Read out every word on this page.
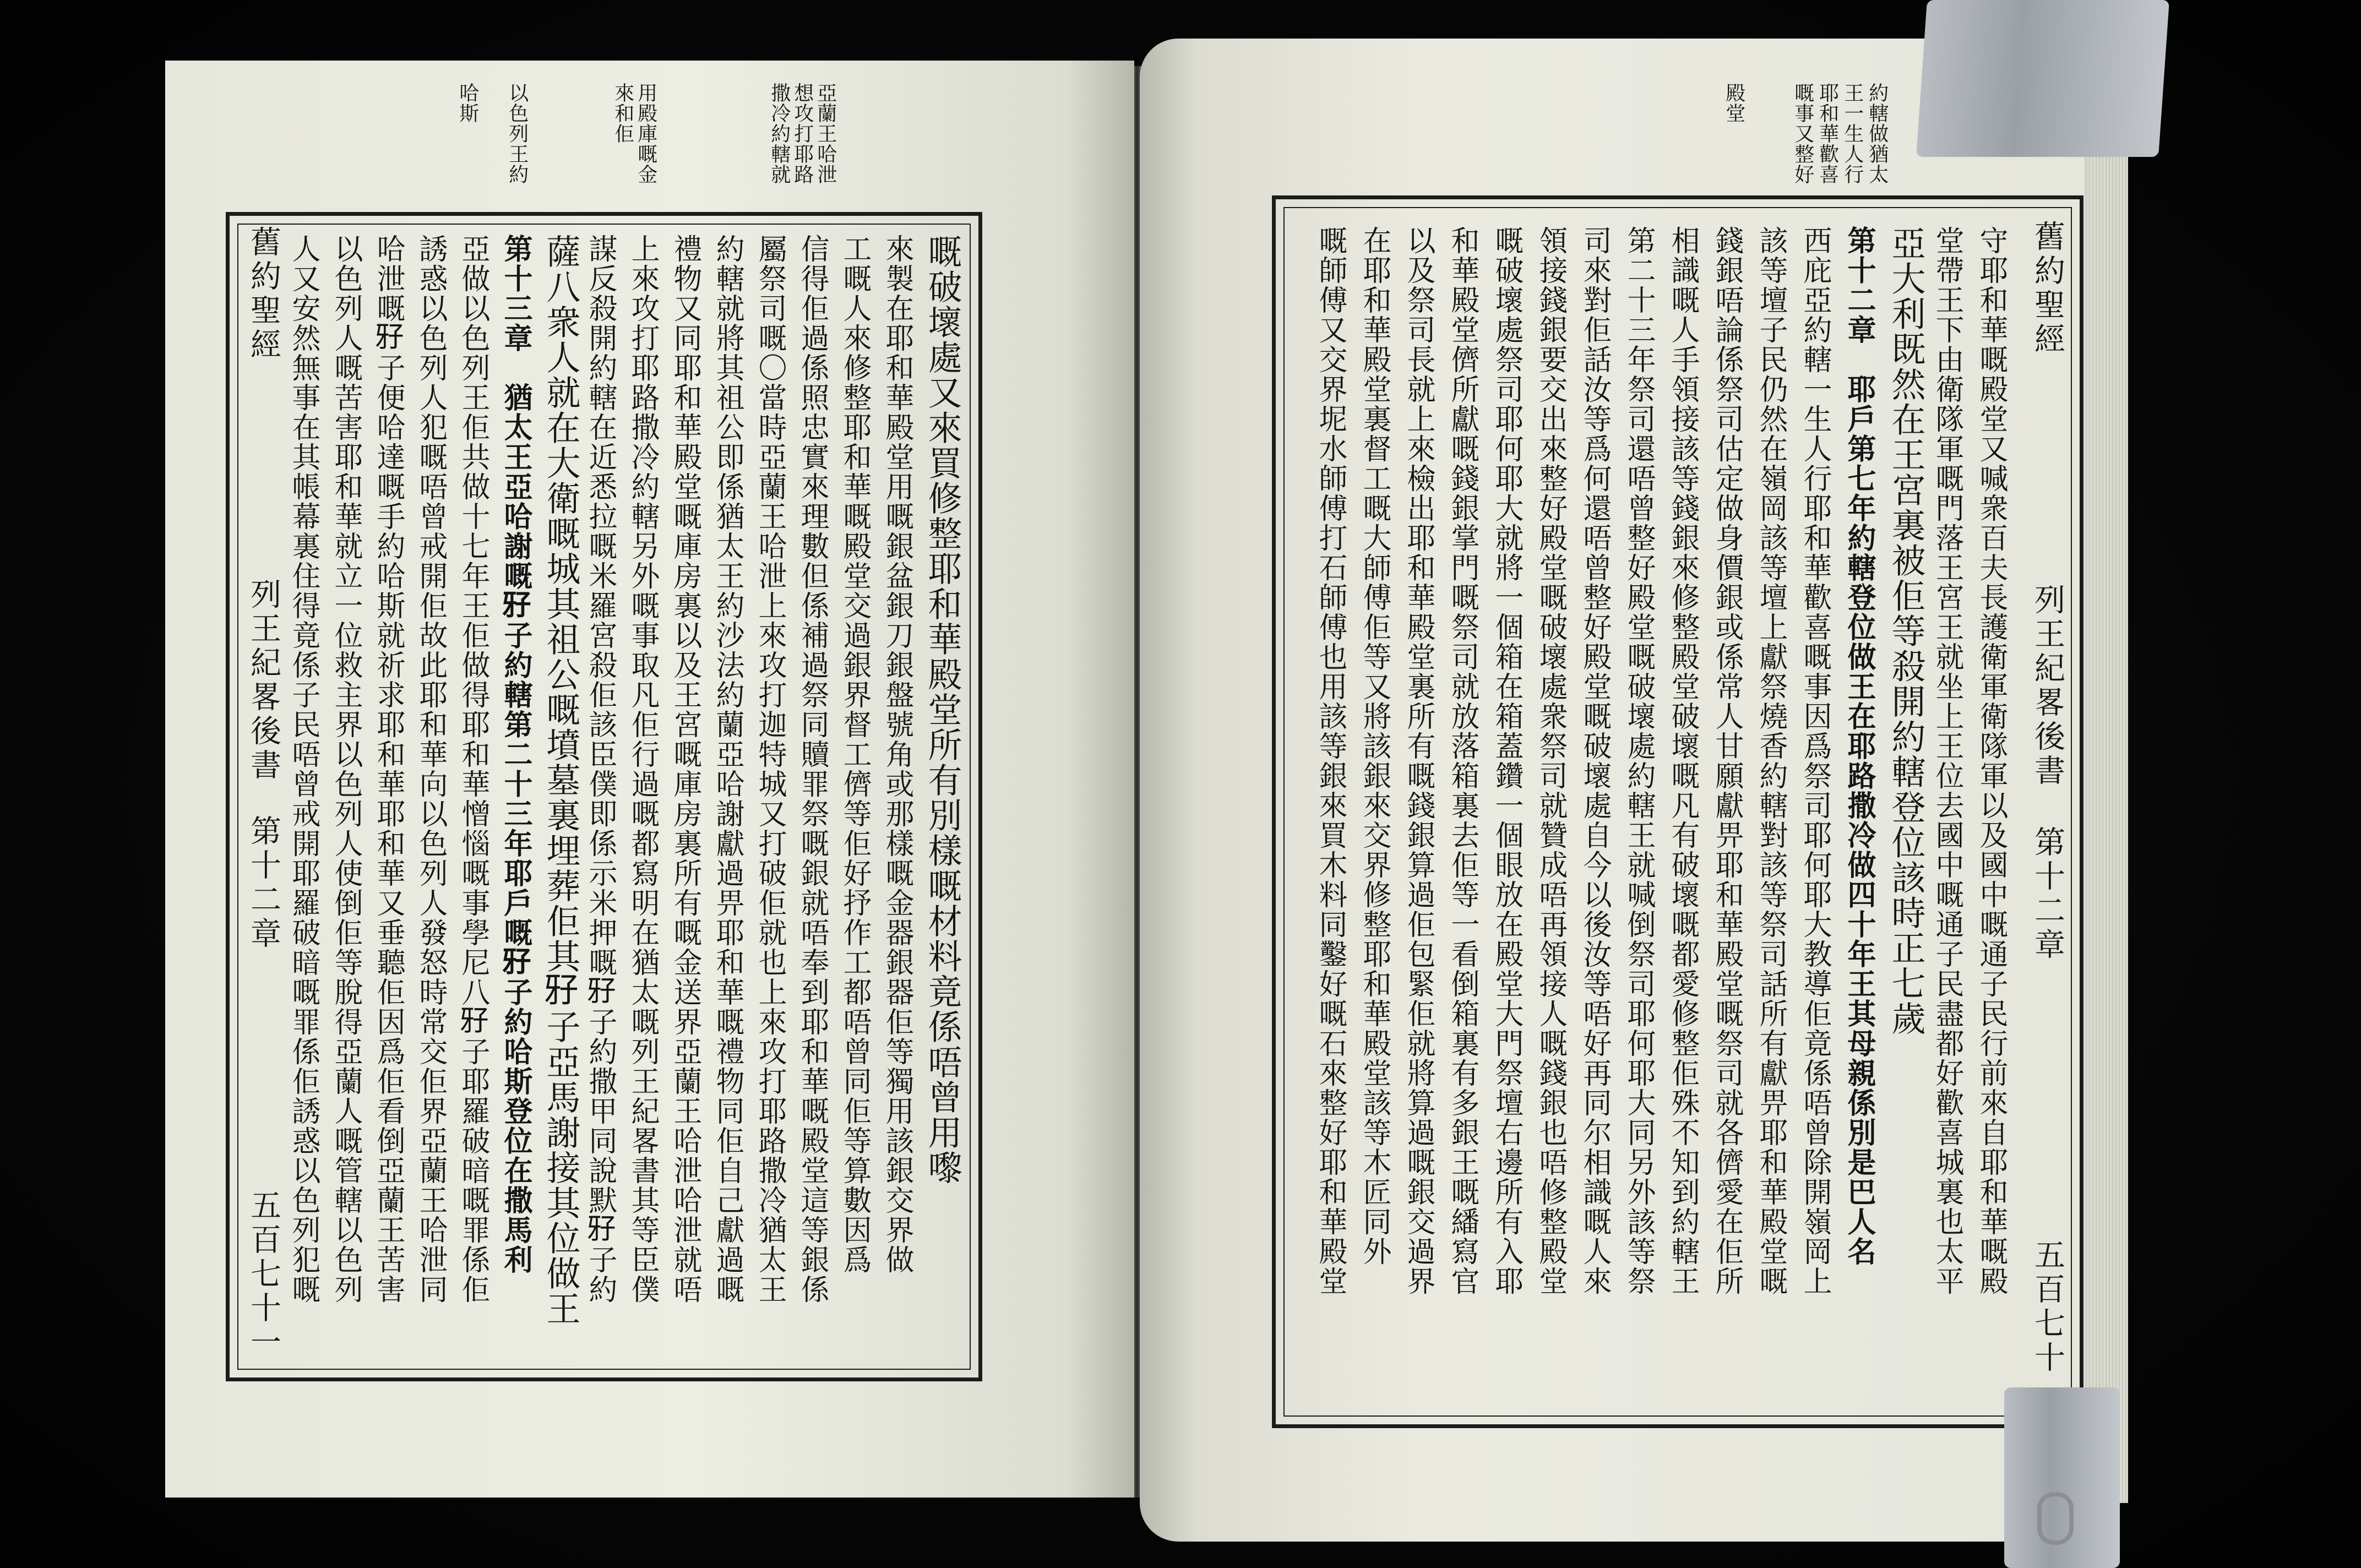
亞蘭王哈泄
想攻打耶路
撒冷約轄就
用殿庫嘅金
來和佢
以色列王約
哈斯
舊約聖經
列王紀畧後書
第十二章
五百七十一
嘅破壞處又來買修整耶和華殿堂所有別樣嘅材料竟係唔曾用嚟
來製在耶和華殿堂用嘅銀盆銀刀銀盤號角或那樣嘅金器銀器佢等獨用該銀交界做
工嘅人來修整耶和華嘅殿堂交過銀界督工儕等佢好抒作工都唔曾同佢等算數因爲
信得佢過係照忠實來理數但係補過祭同贖罪祭嘅銀就唔奉到耶和華嘅殿堂這等銀係
屬祭司嘅〇當時亞蘭王哈泄上來攻打迦特城又打破佢就也上來攻打耶路撒冷猶太王
約轄就將其祖公即係猶太王約沙法約蘭亞哈謝獻過畀耶和華嘅禮物同佢自己獻過嘅
禮物又同耶和華殿堂嘅庫房裏以及王宮嘅庫房裏所有嘅金送界亞蘭王哈泄哈泄就唔
上來攻打耶路撒冷約轄另外嘅事取凡佢行過嘅都寫明在猶太嘅列王紀畧書其等臣僕
謀反殺開約轄在近悉拉嘅米羅宮殺佢該臣僕即係示米押嘅𤘅子約撒甲同說默𤘅子約
薩八衆人就在大衛嘅城其祖公嘅墳墓裏埋葬佢其𤘅子亞馬謝接其位做王
第十三章　猶太王亞哈謝嘅𤘅子約轄第二十三年耶戶嘅𤘅子約哈斯登位在撒馬利
亞做以色列王佢共做十七年王佢做得耶和華憎惱嘅事學尼八𤘅子耶羅破暗嘅罪係佢
誘惑以色列人犯嘅唔曾戒開佢故此耶和華向以色列人發怒時常交佢界亞蘭王哈泄同
哈泄嘅𤘅子便哈達嘅手約哈斯就祈求耶和華耶和華又垂聽佢因爲佢看倒亞蘭王苦害
以色列人嘅苦害耶和華就立一位救主界以色列人使倒佢等脫得亞蘭人嘅管轄以色列
人又安然無事在其帳幕裏住得竟係子民唔曾戒開耶羅破暗嘅罪係佢誘惑以色列犯嘅
約轄做猶太
王一生人行
耶和華歡喜
嘅事又整好
殿堂
舊約聖經
列王紀畧後書
第十二章
五百七十
守耶和華嘅殿堂又喊衆百夫長護衛軍衛隊軍以及國中嘅通子民行前來自耶和華嘅殿
堂帶王下由衛隊軍嘅門落王宮王就坐上王位去國中嘅通子民盡都好歡喜城裏也太平
亞大利既然在王宮裏被佢等殺開約轄登位該時正七歲
第十二章　耶戶第七年約轄登位做王在耶路撒冷做四十年王其母親係別是巴人名
西庇亞約轄一生人行耶和華歡喜嘅事因爲祭司耶何耶大教導佢竟係唔曾除開嶺岡上
該等壇子民仍然在嶺岡該等壇上獻祭燒香約轄對該等祭司話所有獻畀耶和華殿堂嘅
錢銀唔論係祭司估定做身價銀或係常人甘願獻畀耶和華殿堂嘅祭司就各儕愛在佢所
相識嘅人手領接該等錢銀來修整殿堂破壞嘅凡有破壞嘅都愛修整佢殊不知到約轄王
第二十三年祭司還唔曾整好殿堂嘅破壞處約轄王就喊倒祭司耶何耶大同另外該等祭
司來對佢話汝等爲何還唔曾整好殿堂嘅破壞處自今以後汝等唔好再同尔相識嘅人來
領接錢銀要交出來整好殿堂嘅破壞處衆祭司就贊成唔再領接人嘅錢銀也唔修整殿堂
嘅破壞處祭司耶何耶大就將一個箱在箱蓋鑽一個眼放在殿堂大門祭壇右邊所有入耶
和華殿堂儕所獻嘅錢銀掌門嘅祭司就放落箱裏去佢等一看倒箱裏有多銀王嘅繙寫官
以及祭司長就上來檢出耶和華殿堂裏所有嘅錢銀算過佢包緊佢就將算過嘅銀交過界
在耶和華殿堂裏督工嘅大師傅佢等又將該銀來交界修整耶和華殿堂該等木匠同外
嘅師傅又交界坭水師傅打石師傅也用該等銀來買木料同鑿好嘅石來整好耶和華殿堂
